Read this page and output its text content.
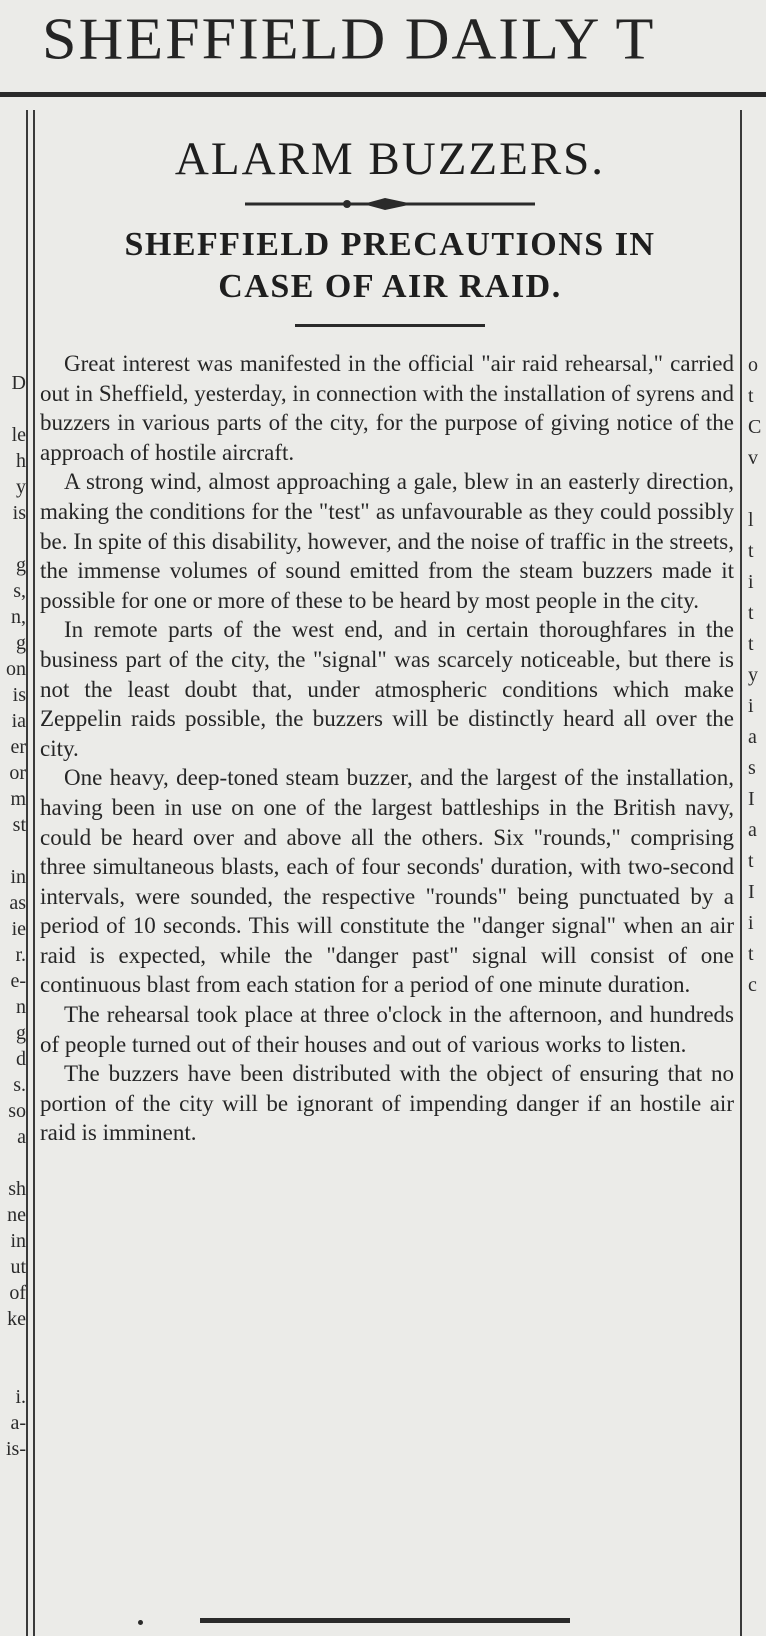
SHEFFIELD DAILY T
D

le
h
y
is

g
s,
n,
g
on
is
ia
er
or
m
st

in
as
ie
r.
e-
n
g
d
s.
so
a

sh
ne
in
ut
of
ke

i.
a-
is-
o
t
C
v

l
t
i
t
t
y
i
a
s
I
a
t
I
i
t
c
ALARM BUZZERS.
SHEFFIELD PRECAUTIONS IN
CASE OF AIR RAID.

Great interest was manifested in the official "air raid rehearsal," carried out in Sheffield, yesterday, in connection with the installation of syrens and buzzers in various parts of the city, for the purpose of giving notice of the approach of hostile aircraft.

A strong wind, almost approaching a gale, blew in an easterly direction, making the conditions for the "test" as unfavourable as they could possibly be. In spite of this disability, however, and the noise of traffic in the streets, the immense volumes of sound emitted from the steam buzzers made it possible for one or more of these to be heard by most people in the city.

In remote parts of the west end, and in certain thoroughfares in the business part of the city, the "signal" was scarcely noticeable, but there is not the least doubt that, under atmospheric conditions which make Zeppelin raids possible, the buzzers will be distinctly heard all over the city.

One heavy, deep-toned steam buzzer, and the largest of the installation, having been in use on one of the largest battleships in the British navy, could be heard over and above all the others. Six "rounds," comprising three simultaneous blasts, each of four seconds' duration, with two-second intervals, were sounded, the respective "rounds" being punctuated by a period of 10 seconds. This will constitute the "danger signal" when an air raid is expected, while the "danger past" signal will consist of one continuous blast from each station for a period of one minute duration.

The rehearsal took place at three o'clock in the afternoon, and hundreds of people turned out of their houses and out of various works to listen.

The buzzers have been distributed with the object of ensuring that no portion of the city will be ignorant of impending danger if an hostile air raid is imminent.
